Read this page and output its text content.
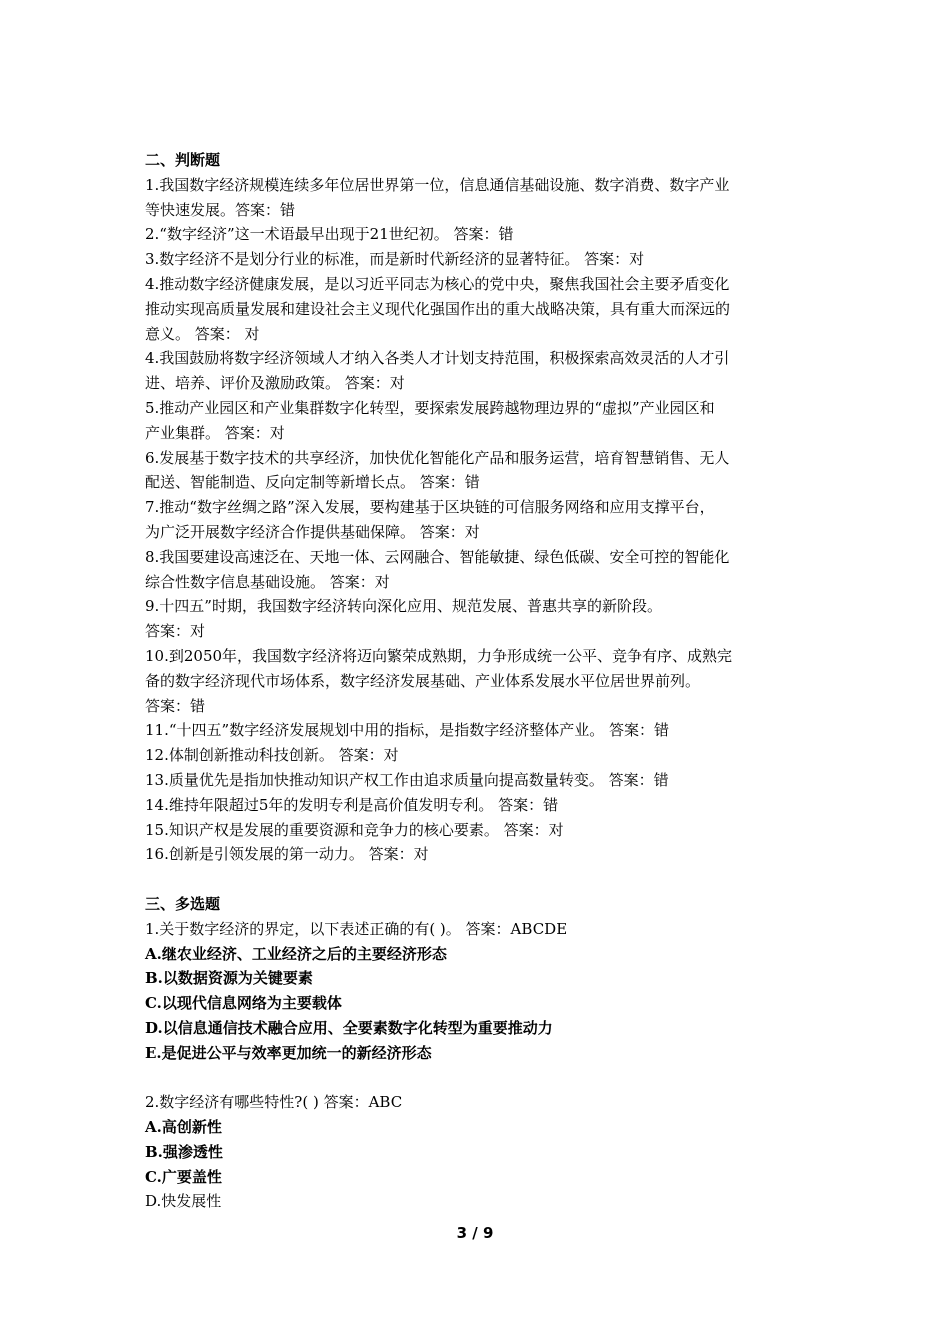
二、判断题
1.我国数字经济规模连续多年位居世界第一位，信息通信基础设施、数字消费、数字产业
等快速发展。答案：错
2.“数字经济”这一术语最早出现于21世纪初。 答案：错
3.数字经济不是划分行业的标准，而是新时代新经济的显著特征。 答案：对
4.推动数字经济健康发展，是以习近平同志为核心的党中央，聚焦我国社会主要矛盾变化
推动实现高质量发展和建设社会主义现代化强国作出的重大战略决策，具有重大而深远的
意义。 答案： 对
4.我国鼓励将数字经济领域人才纳入各类人才计划支持范围，积极探索高效灵活的人才引
进、培养、评价及激励政策。 答案：对
5.推动产业园区和产业集群数字化转型，要探索发展跨越物理边界的“虚拟”产业园区和
产业集群。 答案：对
6.发展基于数字技术的共享经济，加快优化智能化产品和服务运营，培育智慧销售、无人
配送、智能制造、反向定制等新增长点。 答案：错
7.推动“数字丝绸之路”深入发展，要构建基于区块链的可信服务网络和应用支撑平台，
为广泛开展数字经济合作提供基础保障。 答案：对
8.我国要建设高速泛在、天地一体、云网融合、智能敏捷、绿色低碳、安全可控的智能化
综合性数字信息基础设施。 答案：对
9.十四五”时期，我国数字经济转向深化应用、规范发展、普惠共享的新阶段。
答案：对
10.到2050年，我国数字经济将迈向繁荣成熟期，力争形成统一公平、竞争有序、成熟完
备的数字经济现代市场体系，数字经济发展基础、产业体系发展水平位居世界前列。
答案：错
11.“十四五”数字经济发展规划中用的指标，是指数字经济整体产业。 答案：错
12.体制创新推动科技创新。 答案：对
13.质量优先是指加快推动知识产权工作由追求质量向提高数量转变。 答案：错
14.维持年限超过5年的发明专利是高价值发明专利。 答案：错
15.知识产权是发展的重要资源和竞争力的核心要素。 答案：对
16.创新是引领发展的第一动力。 答案：对
三、多选题
1.关于数字经济的界定，以下表述正确的有( )。 答案：ABCDE
A.继农业经济、工业经济之后的主要经济形态
B.以数据资源为关键要素
C.以现代信息网络为主要载体
D.以信息通信技术融合应用、全要素数字化转型为重要推动力
E.是促进公平与效率更加统一的新经济形态
2.数字经济有哪些特性?( ) 答案：ABC
A.高创新性
B.强渗透性
C.广要盖性
D.快发展性
3 / 9
